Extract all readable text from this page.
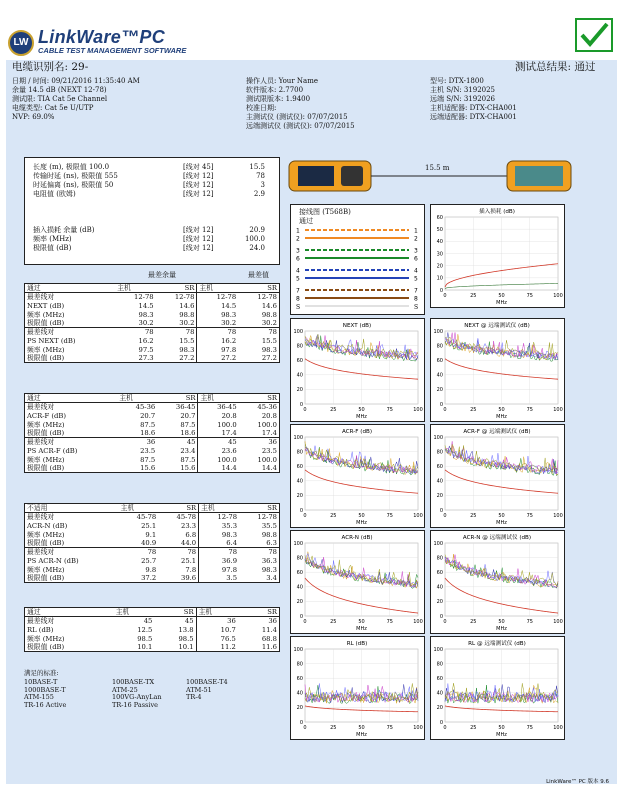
LW LinkWare™PC
CABLE TEST MANAGEMENT SOFTWARE
电缆识别名: 29-	测试总结果: 通过
日期 / 时间: 09/21/2016 11:35:40 AM
余量 14.5 dB (NEXT 12-78)
测试限: TIA Cat 5e Channel
电缆类型: Cat 5e U/UTP
NVP: 69.0%
操作人员: Your Name
软件版本: 2.7700
测试限版本: 1.9400
校准日期:
主测试仪 (测试仪): 07/07/2015
远端测试仪 (测试仪): 07/07/2015
型号: DTX-1800
主机 S/N: 3192025
远端 S/N: 3192026
主机适配器: DTX-CHA001
远端适配器: DTX-CHA001
长度 (m), 极限值 100.0	[线对 45]	15.5
传输时延 (ns), 极限值 555	[线对 12]	78
时延偏离 (ns), 极限值 50	[线对 12]	3
电阻值 (欧姆)	[线对 12]	2.9
插入损耗 余量 (dB)	[线对 12]	20.9
频率 (MHz)	[线对 12]	100.0
极限值 (dB)	[线对 12]	24.0
最差余量	最差值
通过	主机	SR	主机	SR
最差线对	12-78	12-78	12-78	12-78
NEXT (dB)	14.5	14.6	14.5	14.6
频率 (MHz)	98.3	98.8	98.3	98.8
极限值 (dB)	30.2	30.2	30.2	30.2
最差线对	78	78	78	78
PS NEXT (dB)	16.2	15.5	16.2	15.5
频率 (MHz)	97.5	98.3	97.8	98.3
极限值 (dB)	27.3	27.2	27.2	27.2
通过	主机	SR	主机	SR
最差线对	45-36	36-45	36-45	45-36
ACR-F (dB)	20.7	20.7	20.8	20.8
频率 (MHz)	87.5	87.5	100.0	100.0
极限值 (dB)	18.6	18.6	17.4	17.4
最差线对	36	45	45	36
PS ACR-F (dB)	23.5	23.4	23.6	23.5
频率 (MHz)	87.5	87.5	100.0	100.0
极限值 (dB)	15.6	15.6	14.4	14.4
不适用	主机	SR	主机	SR
最差线对	45-78	45-78	12-78	12-78
ACR-N (dB)	25.1	23.3	35.3	35.5
频率 (MHz)	9.1	6.8	98.3	98.8
极限值 (dB)	40.9	44.0	6.4	6.3
最差线对	78	78	78	78
PS ACR-N (dB)	25.7	25.1	36.9	36.3
频率 (MHz)	9.8	7.8	97.8	98.3
极限值 (dB)	37.2	39.6	3.5	3.4
通过	主机	SR	主机	SR
最差线对	45	45	36	36
RL (dB)	12.5	13.8	10.7	11.4
频率 (MHz)	98.5	98.5	76.5	68.8
极限值 (dB)	10.1	10.1	11.2	11.6
满足的标准:
10BASE-T	100BASE-TX	100BASE-T4
1000BASE-T	ATM-25	ATM-51
ATM-155	100VG-AnyLan	TR-4
TR-16 Active	TR-16 Passive
15.5 m
接线图 (T568B)
通过
1	1
2	2
3	3
6	6
4	4
5	5
7	7
8	8
S	S
插入损耗 (dB)
0
10
20
30
40
50
60
0	25	50	75	100
MHz
NEXT (dB)
0
20
40
60
80
100
0	25	50	75	100
MHz
NEXT @ 远端测试仪 (dB)
0
20
40
60
80
100
0	25	50	75	100
MHz
ACR-F (dB)
0
20
40
60
80
100
0	25	50	75	100
MHz
ACR-F @ 远端测试仪 (dB)
0
20
40
60
80
100
0	25	50	75	100
MHz
ACR-N (dB)
0
20
40
60
80
100
0	25	50	75	100
MHz
ACR-N @ 远端测试仪 (dB)
0
20
40
60
80
100
0	25	50	75	100
MHz
RL (dB)
0
20
40
60
80
100
0	25	50	75	100
MHz
RL @ 远端测试仪 (dB)
0
20
40
60
80
100
0	25	50	75	100
MHz
LinkWare™ PC 版本 9.6
